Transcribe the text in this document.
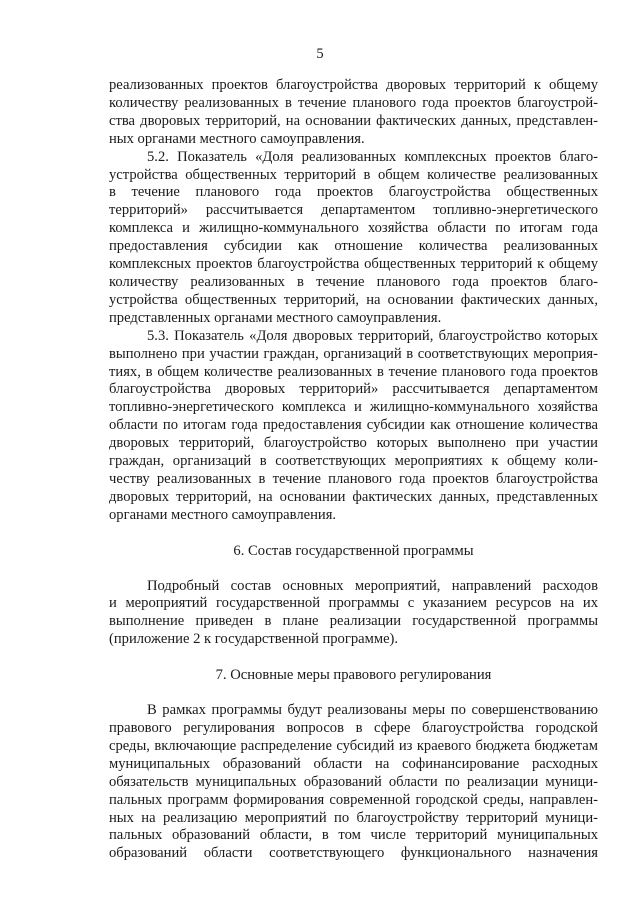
5
реализованных проектов благоустройства дворовых территорий к общему
количеству реализованных в течение планового года проектов благоустрой-
ства дворовых территорий, на основании фактических данных, представлен-
ных органами местного самоуправления.
5.2. Показатель «Доля реализованных комплексных проектов благо-
устройства общественных территорий в общем количестве реализованных
в течение планового года проектов благоустройства общественных
территорий» рассчитывается департаментом топливно-энергетического
комплекса и жилищно-коммунального хозяйства области по итогам года
предоставления субсидии как отношение количества реализованных
комплексных проектов благоустройства общественных территорий к общему
количеству реализованных в течение планового года проектов благо-
устройства общественных территорий, на основании фактических данных,
представленных органами местного самоуправления.
5.3. Показатель «Доля дворовых территорий, благоустройство которых
выполнено при участии граждан, организаций в соответствующих мероприя-
тиях, в общем количестве реализованных в течение планового года проектов
благоустройства дворовых территорий» рассчитывается департаментом
топливно-энергетического комплекса и жилищно-коммунального хозяйства
области по итогам года предоставления субсидии как отношение количества
дворовых территорий, благоустройство которых выполнено при участии
граждан, организаций в соответствующих мероприятиях к общему коли-
честву реализованных в течение планового года проектов благоустройства
дворовых территорий, на основании фактических данных, представленных
органами местного самоуправления.
6. Состав государственной программы
Подробный состав основных мероприятий, направлений расходов
и мероприятий государственной программы с указанием ресурсов на их
выполнение приведен в плане реализации государственной программы
(приложение 2 к государственной программе).
7. Основные меры правового регулирования
В рамках программы будут реализованы меры по совершенствованию
правового регулирования вопросов в сфере благоустройства городской
среды, включающие распределение субсидий из краевого бюджета бюджетам
муниципальных образований области на софинансирование расходных
обязательств муниципальных образований области по реализации муници-
пальных программ формирования современной городской среды, направлен-
ных на реализацию мероприятий по благоустройству территорий муници-
пальных образований области, в том числе территорий муниципальных
образований области соответствующего функционального назначения
